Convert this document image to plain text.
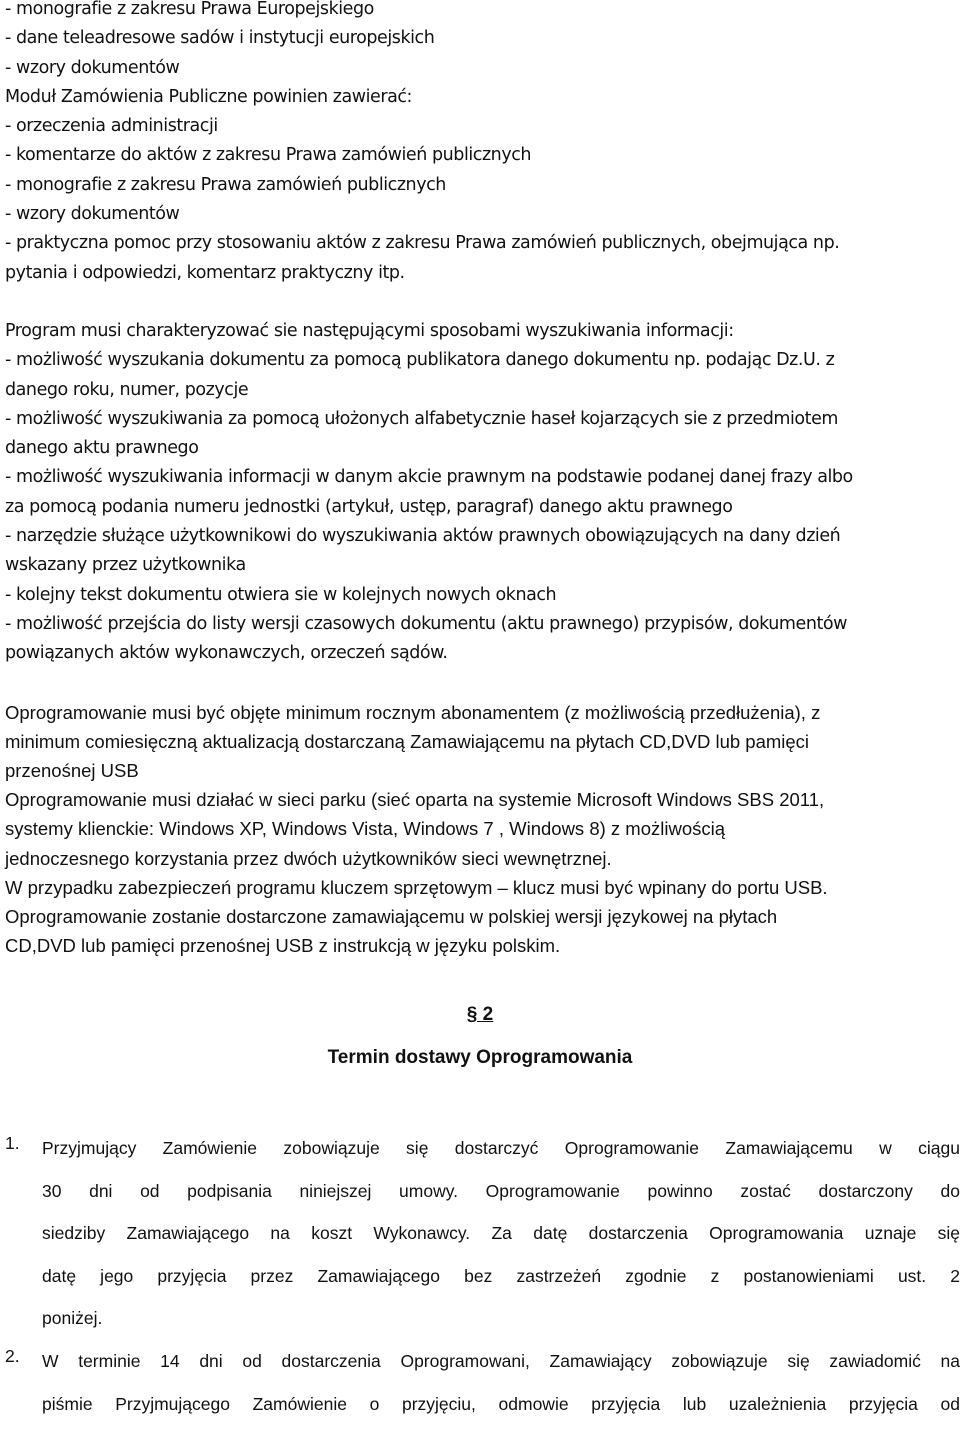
- monografie z zakresu Prawa Europejskiego
- dane teleadresowe sadów i instytucji europejskich
- wzory dokumentów
Moduł Zamówienia Publiczne powinien zawierać:
- orzeczenia administracji
- komentarze do aktów z zakresu Prawa zamówień publicznych
- monografie z zakresu Prawa zamówień publicznych
- wzory dokumentów
- praktyczna pomoc przy stosowaniu aktów z zakresu Prawa zamówień publicznych, obejmująca np.
pytania i odpowiedzi, komentarz praktyczny itp.
Program musi charakteryzować sie następującymi sposobami wyszukiwania informacji:
- możliwość wyszukania dokumentu za pomocą publikatora danego dokumentu np. podając Dz.U. z
danego roku, numer, pozycje
- możliwość wyszukiwania za pomocą ułożonych alfabetycznie haseł kojarzących sie z przedmiotem
danego aktu prawnego
- możliwość wyszukiwania informacji w danym akcie prawnym na podstawie podanej danej frazy albo
za pomocą podania numeru jednostki (artykuł, ustęp, paragraf) danego aktu prawnego
- narzędzie służące użytkownikowi do wyszukiwania aktów prawnych obowiązujących na dany dzień
wskazany przez użytkownika
- kolejny tekst dokumentu otwiera sie w kolejnych nowych oknach
- możliwość przejścia do listy wersji czasowych dokumentu (aktu prawnego) przypisów, dokumentów
powiązanych aktów wykonawczych, orzeczeń sądów.
Oprogramowanie musi być objęte minimum rocznym abonamentem (z możliwością przedłużenia), z
minimum comiesięczną aktualizacją dostarczaną Zamawiającemu na płytach CD,DVD lub pamięci
przenośnej USB
Oprogramowanie musi działać w sieci parku (sieć oparta na systemie Microsoft Windows SBS 2011,
systemy klienckie: Windows XP, Windows Vista, Windows 7 , Windows 8) z możliwością
jednoczesnego korzystania przez dwóch użytkowników sieci wewnętrznej.
W przypadku zabezpieczeń programu kluczem sprzętowym – klucz musi być wpinany do portu USB.
Oprogramowanie zostanie dostarczone zamawiającemu w polskiej wersji językowej na płytach
CD,DVD lub pamięci przenośnej USB z instrukcją w języku polskim.
§ 2
Termin dostawy Oprogramowania
1. Przyjmujący Zamówienie zobowiązuje się dostarczyć Oprogramowanie Zamawiającemu w ciągu
30 dni od podpisania niniejszej umowy. Oprogramowanie powinno zostać dostarczony do
siedziby Zamawiającego na koszt Wykonawcy. Za datę dostarczenia Oprogramowania uznaje się
datę jego przyjęcia przez Zamawiającego bez zastrzeżeń zgodnie z postanowieniami ust. 2
poniżej.
2. W terminie 14 dni od dostarczenia Oprogramowani, Zamawiający zobowiązuje się zawiadomić na
piśmie Przyjmującego Zamówienie o przyjęciu, odmowie przyjęcia lub uzależnienia przyjęcia od
